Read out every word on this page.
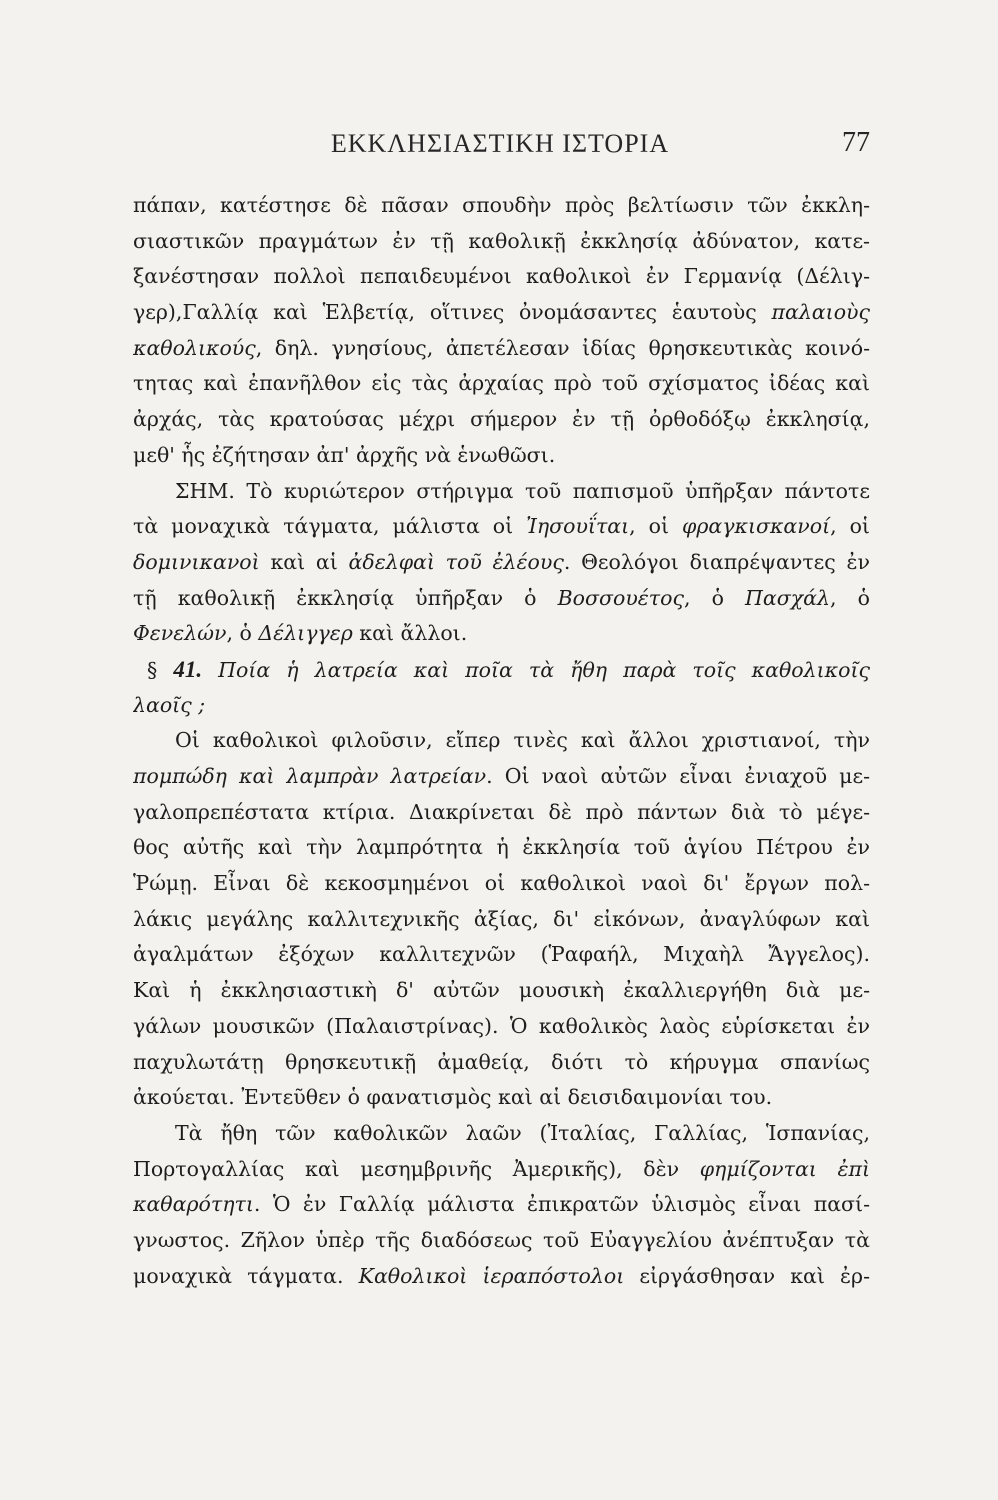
ΕΚΚΛΗΣΙΑΣΤΙΚΗ ΙΣΤΟΡΙΑ	77
πάπαν, κατέστησε δὲ πᾶσαν σπουδὴν πρὸς βελτίωσιν τῶν ἐκκλη-
σιαστικῶν πραγμάτων ἐν τῇ καθολικῇ ἐκκλησίᾳ ἀδύνατον, κατε-
ξανέστησαν πολλοὶ πεπαιδευμένοι καθολικοὶ ἐν Γερμανίᾳ (Δέλιγ-
γερ),Γαλλίᾳ καὶ Ἑλβετίᾳ, οἵτινες ὀνομάσαντες ἑαυτοὺς παλαιοὺς
καθολικούς, δηλ. γνησίους, ἀπετέλεσαν ἰδίας θρησκευτικὰς κοινό-
τητας καὶ ἐπανῆλθον εἰς τὰς ἀρχαίας πρὸ τοῦ σχίσματος ἰδέας καὶ
ἀρχάς, τὰς κρατούσας μέχρι σήμερον ἐν τῇ ὀρθοδόξῳ ἐκκλησίᾳ,
μεθ' ἧς ἐζήτησαν ἀπ' ἀρχῆς νὰ ἑνωθῶσι.
ΣΗΜ. Τὸ κυριώτερον στήριγμα τοῦ παπισμοῦ ὑπῆρξαν πάντοτε
τὰ μοναχικὰ τάγματα, μάλιστα οἱ Ἰησουΐται, οἱ φραγκισκανοί, οἱ
δομινικανοὶ καὶ αἱ ἀδελφαὶ τοῦ ἐλέους. Θεολόγοι διαπρέψαντες ἐν
τῇ καθολικῇ ἐκκλησίᾳ ὑπῆρξαν ὁ Βοσσουέτος, ὁ Πασχάλ, ὁ
Φενελών, ὁ Δέλιγγερ καὶ ἄλλοι.
§ 41. Ποία ἡ λατρεία καὶ ποῖα τὰ ἤθη παρὰ τοῖς καθολικοῖς
λαοῖς ;
Οἱ καθολικοὶ φιλοῦσιν, εἴπερ τινὲς καὶ ἄλλοι χριστιανοί, τὴν
πομπώδη καὶ λαμπρὰν λατρείαν. Οἱ ναοὶ αὐτῶν εἶναι ἐνιαχοῦ με-
γαλοπρεπέστατα κτίρια. Διακρίνεται δὲ πρὸ πάντων διὰ τὸ μέγε-
θος αὐτῆς καὶ τὴν λαμπρότητα ἡ ἐκκλησία τοῦ ἁγίου Πέτρου ἐν
Ῥώμῃ. Εἶναι δὲ κεκοσμημένοι οἱ καθολικοὶ ναοὶ δι' ἔργων πολ-
λάκις μεγάλης καλλιτεχνικῆς ἀξίας, δι' εἰκόνων, ἀναγλύφων καὶ
ἀγαλμάτων ἐξόχων καλλιτεχνῶν (Ῥαφαήλ, Μιχαὴλ Ἄγγελος).
Καὶ ἡ ἐκκλησιαστικὴ δ' αὐτῶν μουσικὴ ἐκαλλιεργήθη διὰ με-
γάλων μουσικῶν (Παλαιστρίνας). Ὁ καθολικὸς λαὸς εὑρίσκεται ἐν
παχυλωτάτῃ θρησκευτικῇ ἀμαθείᾳ, διότι τὸ κήρυγμα σπανίως
ἀκούεται. Ἐντεῦθεν ὁ φανατισμὸς καὶ αἱ δεισιδαιμονίαι του.
Τὰ ἤθη τῶν καθολικῶν λαῶν (Ἰταλίας, Γαλλίας, Ἱσπανίας,
Πορτογαλλίας καὶ μεσημβρινῆς Ἀμερικῆς), δὲν φημίζονται ἐπὶ
καθαρότητι. Ὁ ἐν Γαλλίᾳ μάλιστα ἐπικρατῶν ὑλισμὸς εἶναι πασί-
γνωστος. Ζῆλον ὑπὲρ τῆς διαδόσεως τοῦ Εὐαγγελίου ἀνέπτυξαν τὰ
μοναχικὰ τάγματα. Καθολικοὶ ἱεραπόστολοι εἰργάσθησαν καὶ ἐρ-
